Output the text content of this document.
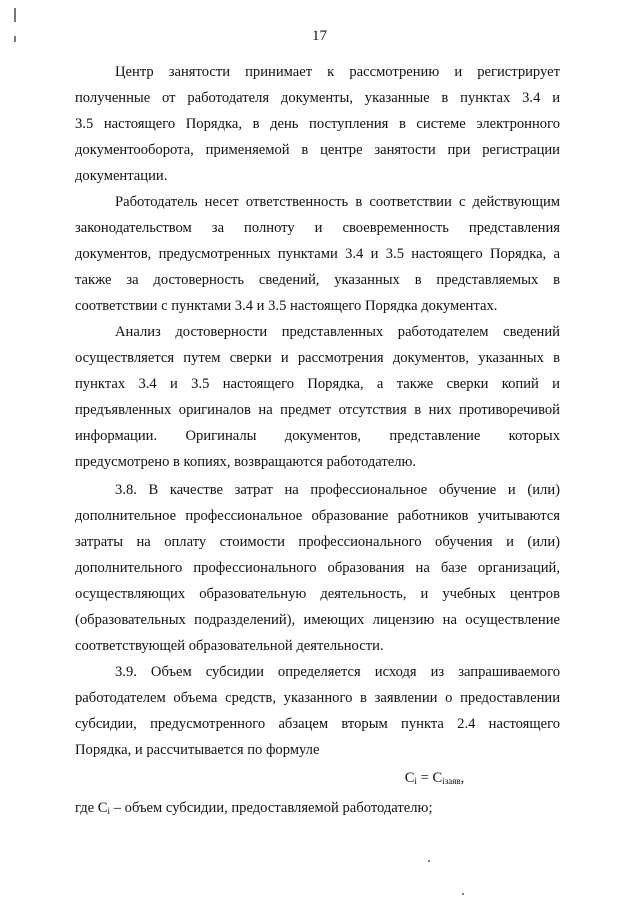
17
Центр занятости принимает к рассмотрению и регистрирует
полученные от работодателя документы, указанные в пунктах 3.4 и
3.5 настоящего Порядка, в день поступления в системе электронного
документооборота, применяемой в центре занятости при регистрации
документации.
Работодатель несет ответственность в соответствии с действующим
законодательством за полноту и своевременность представления
документов, предусмотренных пунктами 3.4 и 3.5 настоящего Порядка, а
также за достоверность сведений, указанных в представляемых в
соответствии с пунктами 3.4 и 3.5 настоящего Порядка документах.
Анализ достоверности представленных работодателем сведений
осуществляется путем сверки и рассмотрения документов, указанных в
пунктах 3.4 и 3.5 настоящего Порядка, а также сверки копий и
предъявленных оригиналов на предмет отсутствия в них противоречивой
информации. Оригиналы документов, представление которых
предусмотрено в копиях, возвращаются работодателю.
3.8. В качестве затрат на профессиональное обучение и (или)
дополнительное профессиональное образование работников учитываются
затраты на оплату стоимости профессионального обучения и (или)
дополнительного профессионального образования на базе организаций,
осуществляющих образовательную деятельность, и учебных центров
(образовательных подразделений), имеющих лицензию на осуществление
соответствующей образовательной деятельности.
3.9. Объем субсидии определяется исходя из запрашиваемого
работодателем объема средств, указанного в заявлении о предоставлении
субсидии, предусмотренного абзацем вторым пункта 2.4 настоящего
Порядка, и рассчитывается по формуле
$C_i = C_{iзаяв}$,
где $C_i$ – объем субсидии, предоставляемой работодателю;
